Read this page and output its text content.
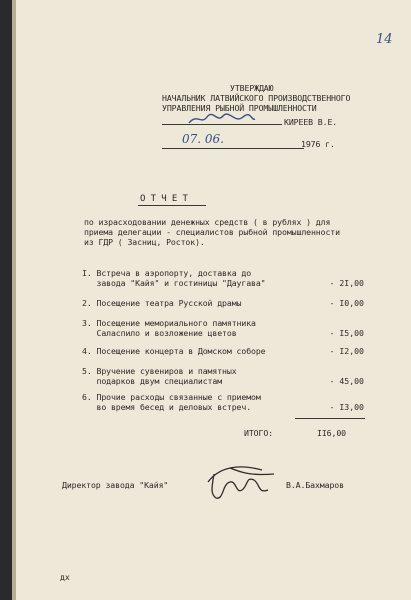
14
УТВЕРЖДАЮ
НАЧАЛЬНИК ЛАТВИЙСКОГО ПРОИЗВОДСТВЕННОГО
УПРАВЛЕНИЯ РЫБНОЙ ПРОМЫШЛЕННОСТИ
КИРЕЕВ В.Е.
07. 06.	1976 г.
О Т Ч Е Т
по израсходовании денежных средств ( в рублях ) для
приема делегации - специалистов рыбной промышленности
из ГДР ( Засниц, Росток).
I. Встреча в аэропорту, доставка до
завода "Кайя" и гостиницы "Даугава"	- 2I,00
2. Посещение театра Русской драмы	- I0,00
3. Посещение мемориального памятника
Саласпило и возложение цветов	- I5,00
4. Посещение концерта в Домском соборе	- I2,00
5. Вручение сувениров и памятных
подарков двум специалистам	- 45,00
6. Прочие расходы связанные с приемом
во время бесед и деловых встреч.	- I3,00
ИТОГО:	II6,00
Директор завода "Кайя"	В.А.Бахмаров
дх
